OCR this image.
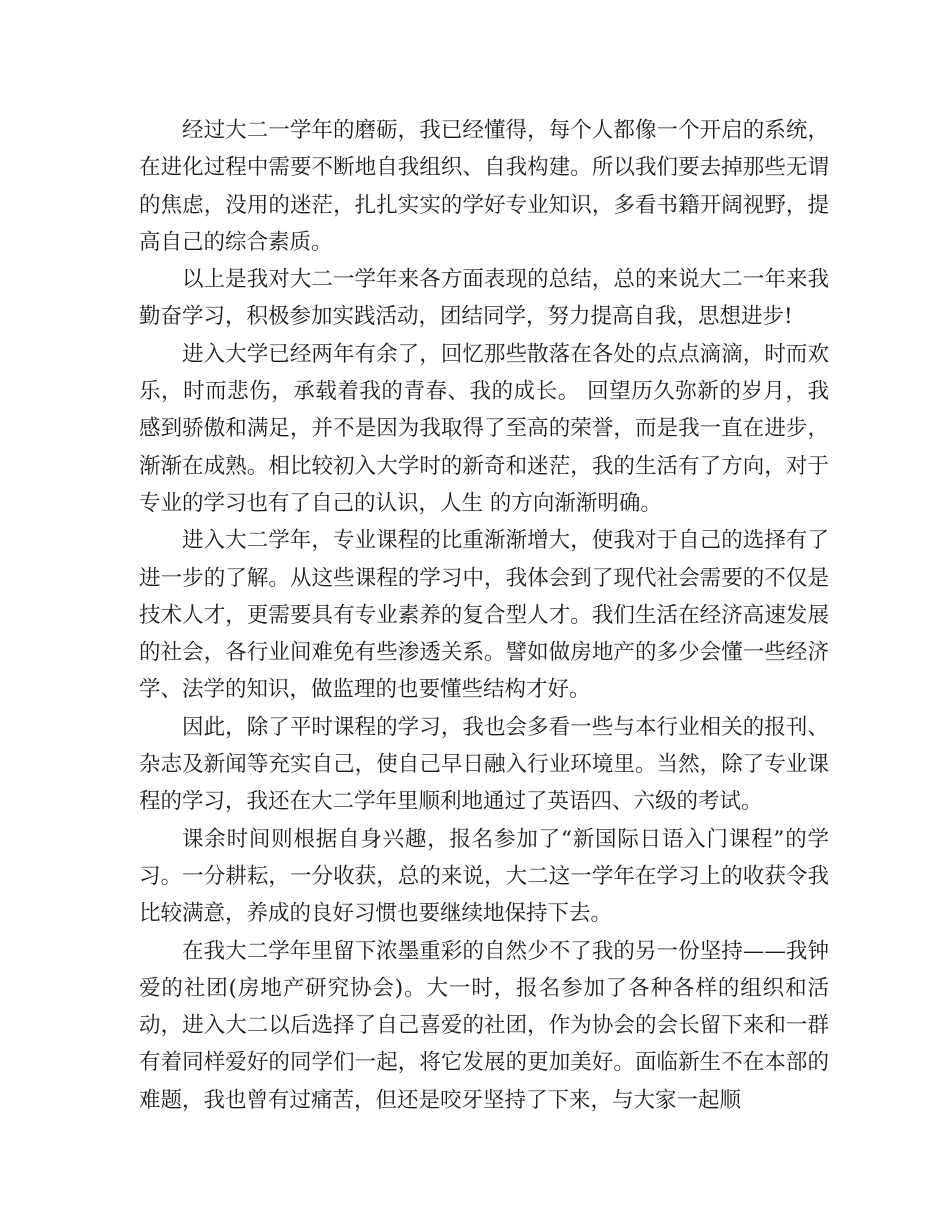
经过大二一学年的磨砺，我已经懂得，每个人都像一个开启的系统，在进化过程中需要不断地自我组织、自我构建。所以我们要去掉那些无谓的焦虑，没用的迷茫，扎扎实实的学好专业知识，多看书籍开阔视野，提高自己的综合素质。

以上是我对大二一学年来各方面表现的总结，总的来说大二一年来我勤奋学习，积极参加实践活动，团结同学，努力提高自我，思想进步!

进入大学已经两年有余了，回忆那些散落在各处的点点滴滴，时而欢乐，时而悲伤，承载着我的青春、我的成长。 回望历久弥新的岁月，我感到骄傲和满足，并不是因为我取得了至高的荣誉，而是我一直在进步，渐渐在成熟。相比较初入大学时的新奇和迷茫，我的生活有了方向，对于专业的学习也有了自己的认识，人生 的方向渐渐明确。

进入大二学年，专业课程的比重渐渐增大，使我对于自己的选择有了进一步的了解。从这些课程的学习中，我体会到了现代社会需要的不仅是技术人才，更需要具有专业素养的复合型人才。我们生活在经济高速发展的社会，各行业间难免有些渗透关系。譬如做房地产的多少会懂一些经济学、法学的知识，做监理的也要懂些结构才好。

因此，除了平时课程的学习，我也会多看一些与本行业相关的报刊、杂志及新闻等充实自己，使自己早日融入行业环境里。当然，除了专业课程的学习，我还在大二学年里顺利地通过了英语四、六级的考试。

课余时间则根据自身兴趣，报名参加了“新国际日语入门课程”的学习。一分耕耘，一分收获，总的来说，大二这一学年在学习上的收获令我比较满意，养成的良好习惯也要继续地保持下去。

在我大二学年里留下浓墨重彩的自然少不了我的另一份坚持——我钟爱的社团(房地产研究协会)。大一时，报名参加了各种各样的组织和活动，进入大二以后选择了自己喜爱的社团，作为协会的会长留下来和一群有着同样爱好的同学们一起，将它发展的更加美好。面临新生不在本部的难题，我也曾有过痛苦，但还是咬牙坚持了下来，与大家一起顺
